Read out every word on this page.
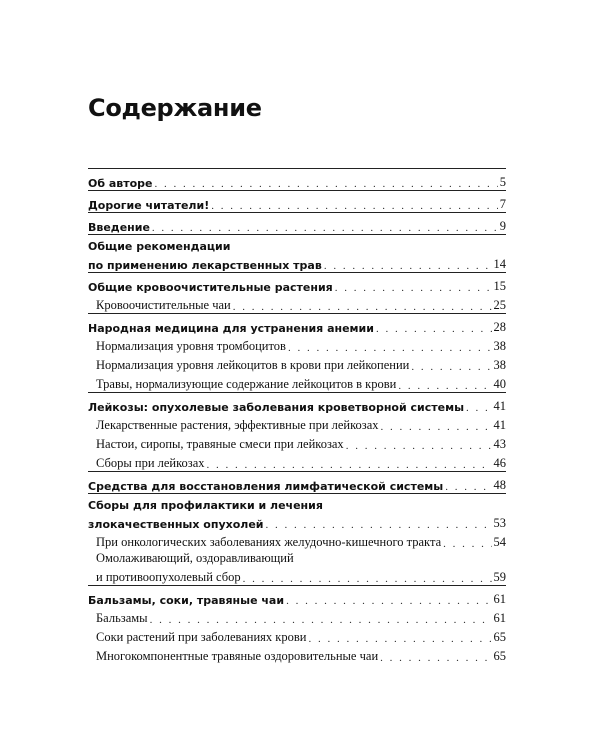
Содержание
Об авторе . . .	5
Дорогие читатели! . . .	7
Введение . . .	9
Общие рекомендации
по применению лекарственных трав . . .	14
Общие кровоочистительные растения . . .	15
Кровоочистительные чаи . . .	25
Народная медицина для устранения анемии . . .	28
Нормализация уровня тромбоцитов . . .	38
Нормализация уровня лейкоцитов в крови при лейкопении . . .	38
Травы, нормализующие содержание лейкоцитов в крови . . .	40
Лейкозы: опухолевые заболевания кроветворной системы . . . 41
Лекарственные растения, эффективные при лейкозах . . .	41
Настои, сиропы, травяные смеси при лейкозах . . .	43
Сборы при лейкозах . . .	46
Средства для восстановления лимфатической системы . . .	48
Сборы для профилактики и лечения
злокачественных опухолей . . .	53
При онкологических заболеваниях желудочно-кишечного тракта . . .	54
Омолаживающий, оздоравливающий
и противоопухолевый сбор . . .	59
Бальзамы, соки, травяные чаи . . .	61
Бальзамы . . .	61
Соки растений при заболеваниях крови . . .	65
Многокомпонентные травяные оздоровительные чаи . . .	65
